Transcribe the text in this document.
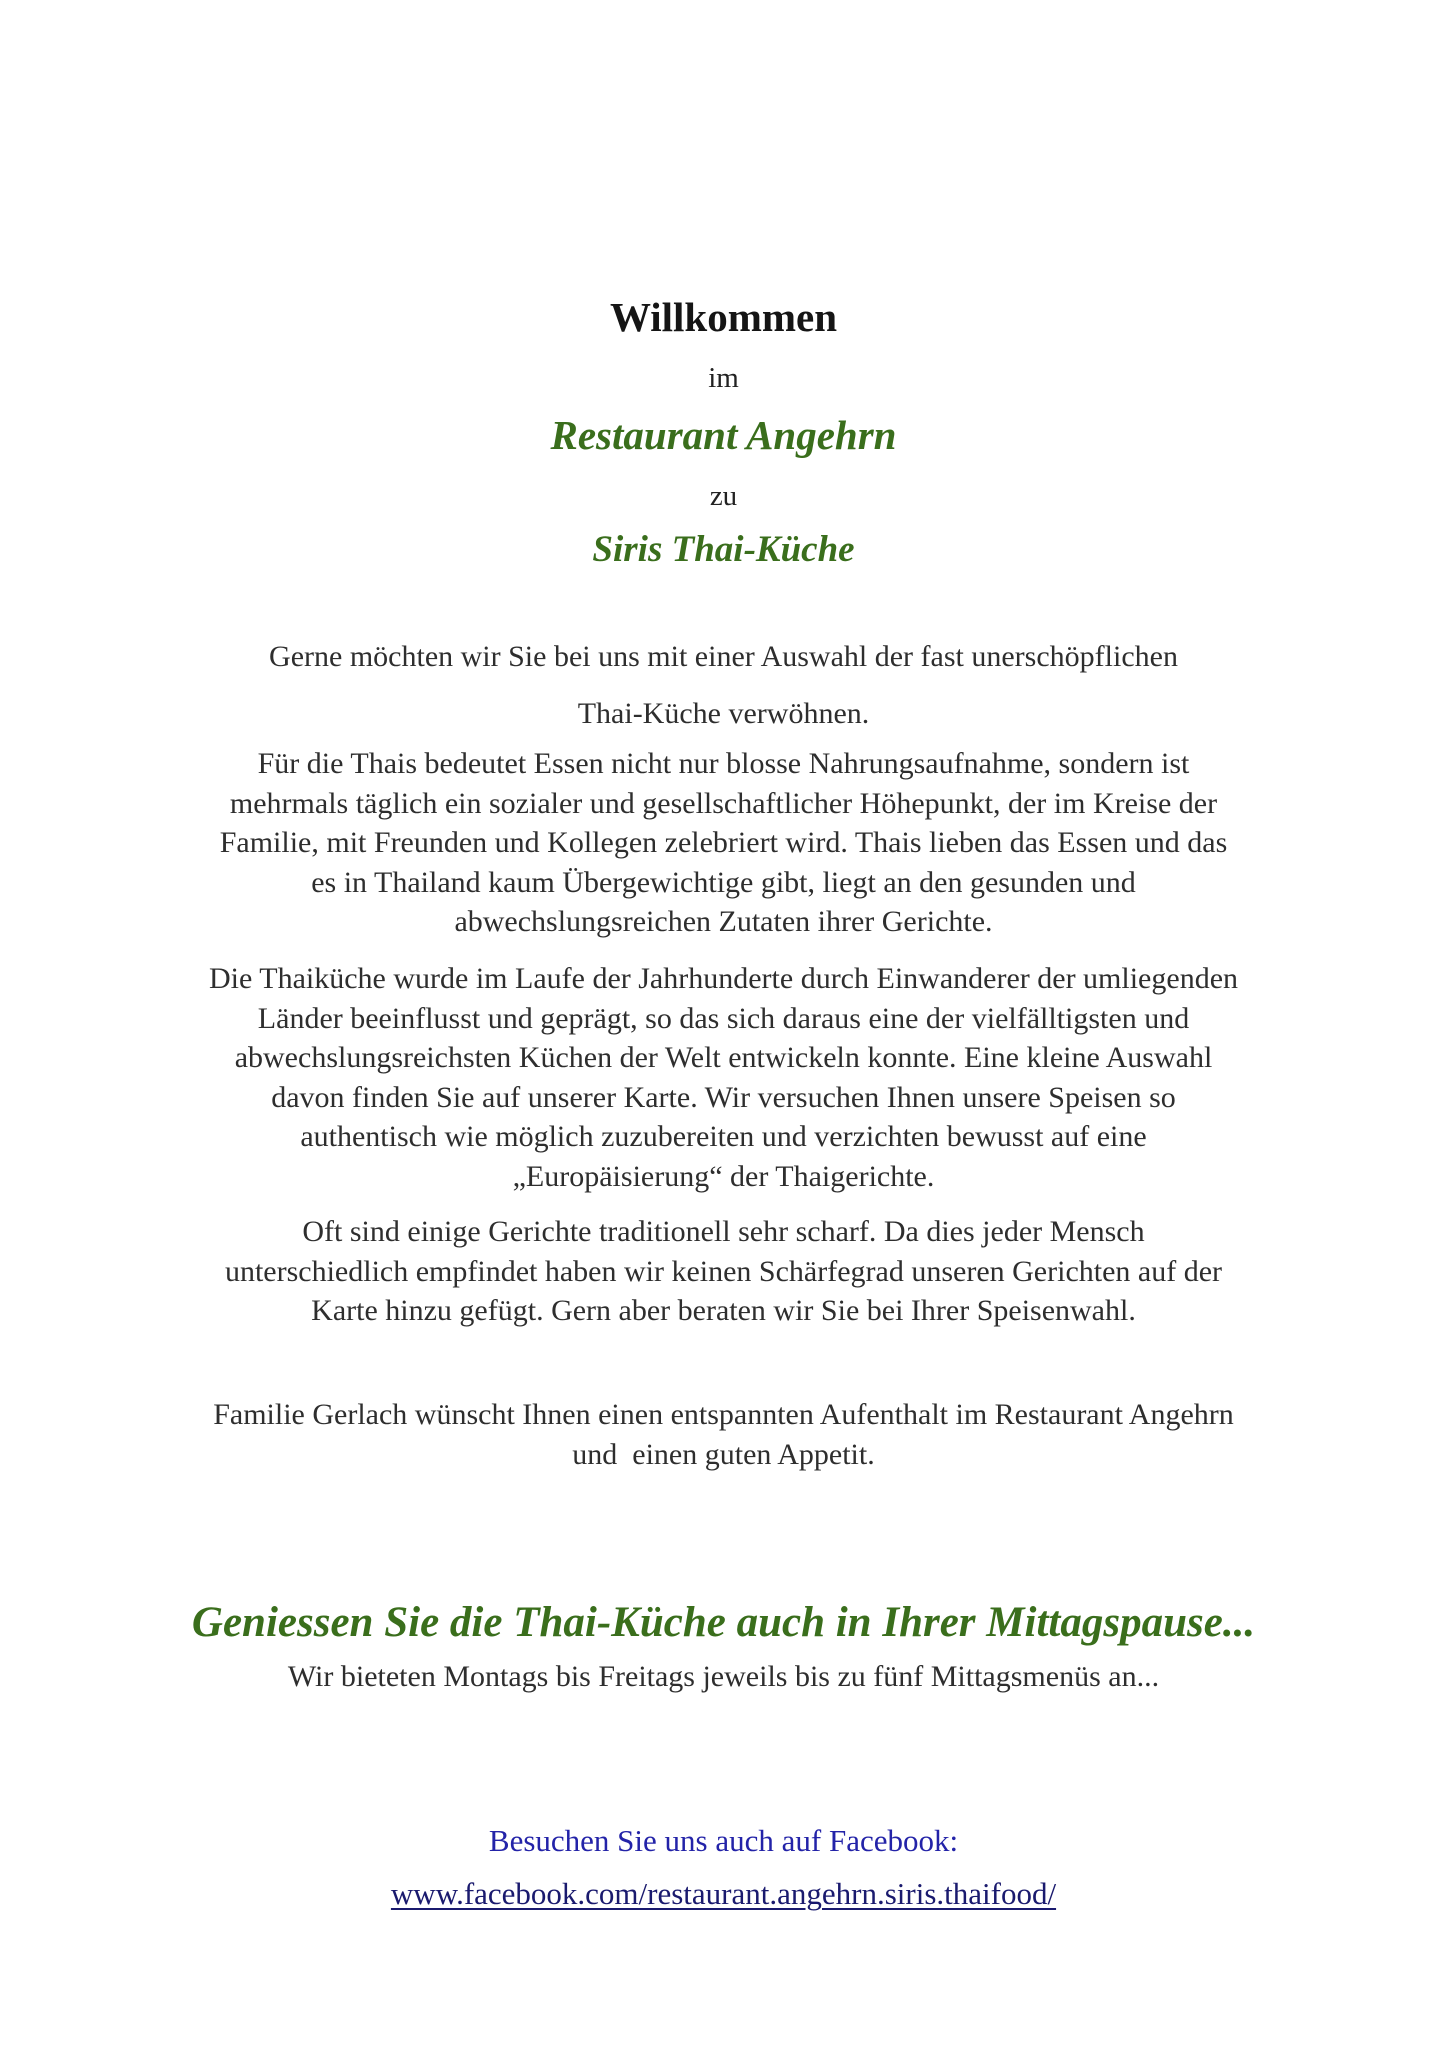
Willkommen

im

Restaurant Angehrn

zu

Siris Thai-Küche

Gerne möchten wir Sie bei uns mit einer Auswahl der fast unerschöpflichen

Thai-Küche verwöhnen.

Für die Thais bedeutet Essen nicht nur blosse Nahrungsaufnahme, sondern ist
mehrmals täglich ein sozialer und gesellschaftlicher Höhepunkt, der im Kreise der
Familie, mit Freunden und Kollegen zelebriert wird. Thais lieben das Essen und das
es in Thailand kaum Übergewichtige gibt, liegt an den gesunden und
abwechslungsreichen Zutaten ihrer Gerichte.
Die Thaiküche wurde im Laufe der Jahrhunderte durch Einwanderer der umliegenden
Länder beeinflusst und geprägt, so das sich daraus eine der vielfälltigsten und
abwechslungsreichsten Küchen der Welt entwickeln konnte. Eine kleine Auswahl
davon finden Sie auf unserer Karte. Wir versuchen Ihnen unsere Speisen so
authentisch wie möglich zuzubereiten und verzichten bewusst auf eine
„Europäisierung“ der Thaigerichte.
Oft sind einige Gerichte traditionell sehr scharf. Da dies jeder Mensch
unterschiedlich empfindet haben wir keinen Schärfegrad unseren Gerichten auf der
Karte hinzu gefügt. Gern aber beraten wir Sie bei Ihrer Speisenwahl.
Familie Gerlach wünscht Ihnen einen entspannten Aufenthalt im Restaurant Angehrn
und  einen guten Appetit.

Geniessen Sie die Thai-Küche auch in Ihrer Mittagspause...

Wir bieteten Montags bis Freitags jeweils bis zu fünf Mittagsmenüs an...

Besuchen Sie uns auch auf Facebook:

www.facebook.com/restaurant.angehrn.siris.thaifood/
